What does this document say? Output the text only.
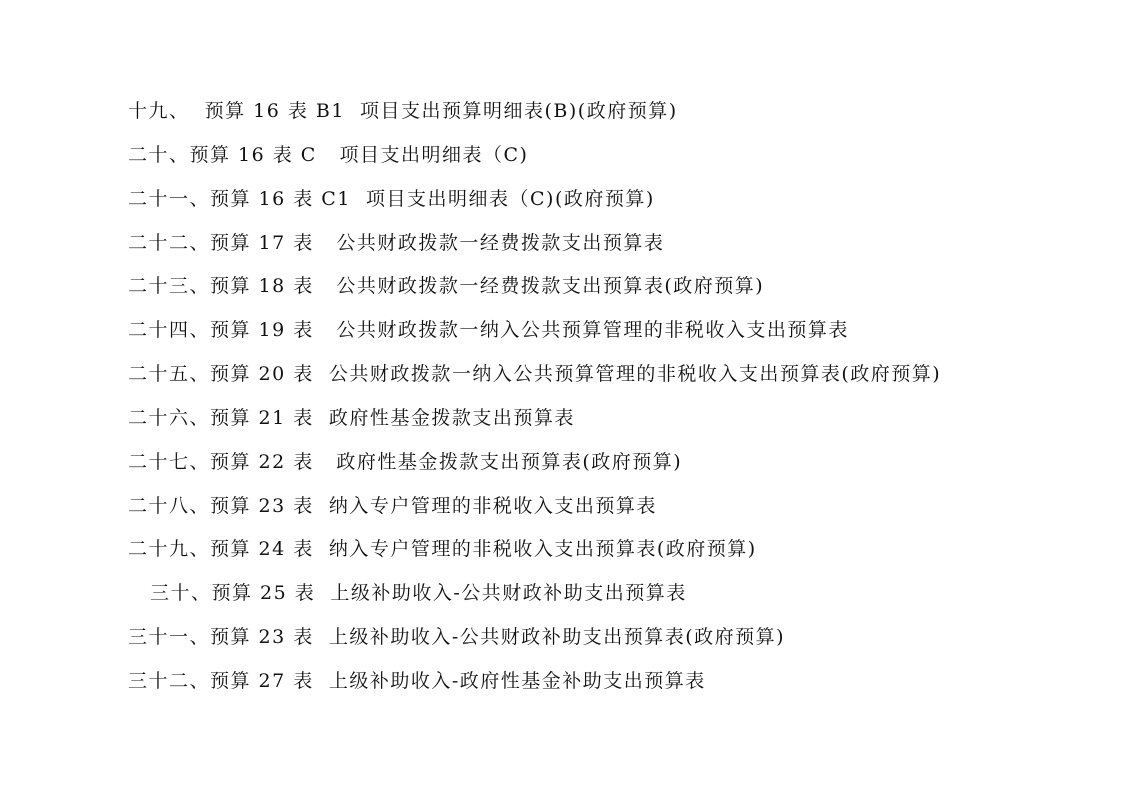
十九、  预算 16 表 B1  项目支出预算明细表(B)(政府预算)
二十、预算 16 表 C   项目支出明细表（C)
二十一、预算 16 表 C1  项目支出明细表（C)(政府预算)
二十二、预算 17 表   公共财政拨款一经费拨款支出预算表
二十三、预算 18 表   公共财政拨款一经费拨款支出预算表(政府预算)
二十四、预算 19 表   公共财政拨款一纳入公共预算管理的非税收入支出预算表
二十五、预算 20 表  公共财政拨款一纳入公共预算管理的非税收入支出预算表(政府预算)
二十六、预算 21 表  政府性基金拨款支出预算表
二十七、预算 22 表   政府性基金拨款支出预算表(政府预算)
二十八、预算 23 表  纳入专户管理的非税收入支出预算表
二十九、预算 24 表  纳入专户管理的非税收入支出预算表(政府预算)
三十、预算 25 表  上级补助收入-公共财政补助支出预算表
三十一、预算 23 表  上级补助收入-公共财政补助支出预算表(政府预算)
三十二、预算 27 表  上级补助收入-政府性基金补助支出预算表
